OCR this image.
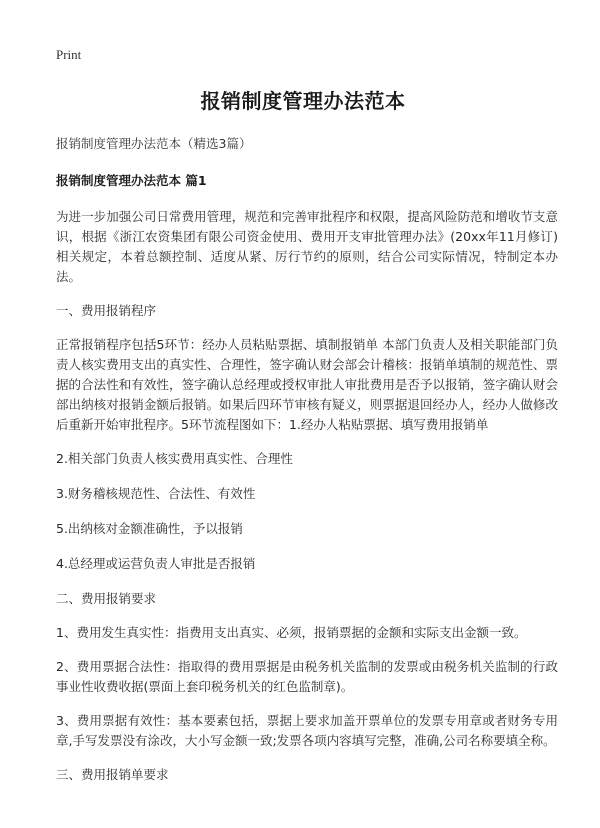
Print
报销制度管理办法范本

报销制度管理办法范本（精选3篇）

报销制度管理办法范本 篇1

为进一步加强公司日常费用管理，规范和完善审批程序和权限，提高风险防范和增收节支意识，根据《浙江农资集团有限公司资金使用、费用开支审批管理办法》(20xx年11月修订)相关规定，本着总额控制、适度从紧、厉行节约的原则，结合公司实际情况，特制定本办法。

一、费用报销程序

正常报销程序包括5环节：经办人员粘贴票据、填制报销单 本部门负责人及相关职能部门负责人核实费用支出的真实性、合理性，签字确认财会部会计稽核：报销单填制的规范性、票据的合法性和有效性，签字确认总经理或授权审批人审批费用是否予以报销，签字确认财会部出纳核对报销金额后报销。如果后四环节审核有疑义，则票据退回经办人，经办人做修改后重新开始审批程序。5环节流程图如下：1.经办人粘贴票据、填写费用报销单

2.相关部门负责人核实费用真实性、合理性

3.财务稽核规范性、合法性、有效性

5.出纳核对金额准确性，予以报销

4.总经理或运营负责人审批是否报销

二、费用报销要求

1、费用发生真实性：指费用支出真实、必须，报销票据的金额和实际支出金额一致。

2、费用票据合法性：指取得的费用票据是由税务机关监制的发票或由税务机关监制的行政事业性收费收据(票面上套印税务机关的红色监制章)。

3、费用票据有效性：基本要素包括，票据上要求加盖开票单位的发票专用章或者财务专用章,手写发票没有涂改，大小写金额一致;发票各项内容填写完整，准确,公司名称要填全称。

三、费用报销单要求
